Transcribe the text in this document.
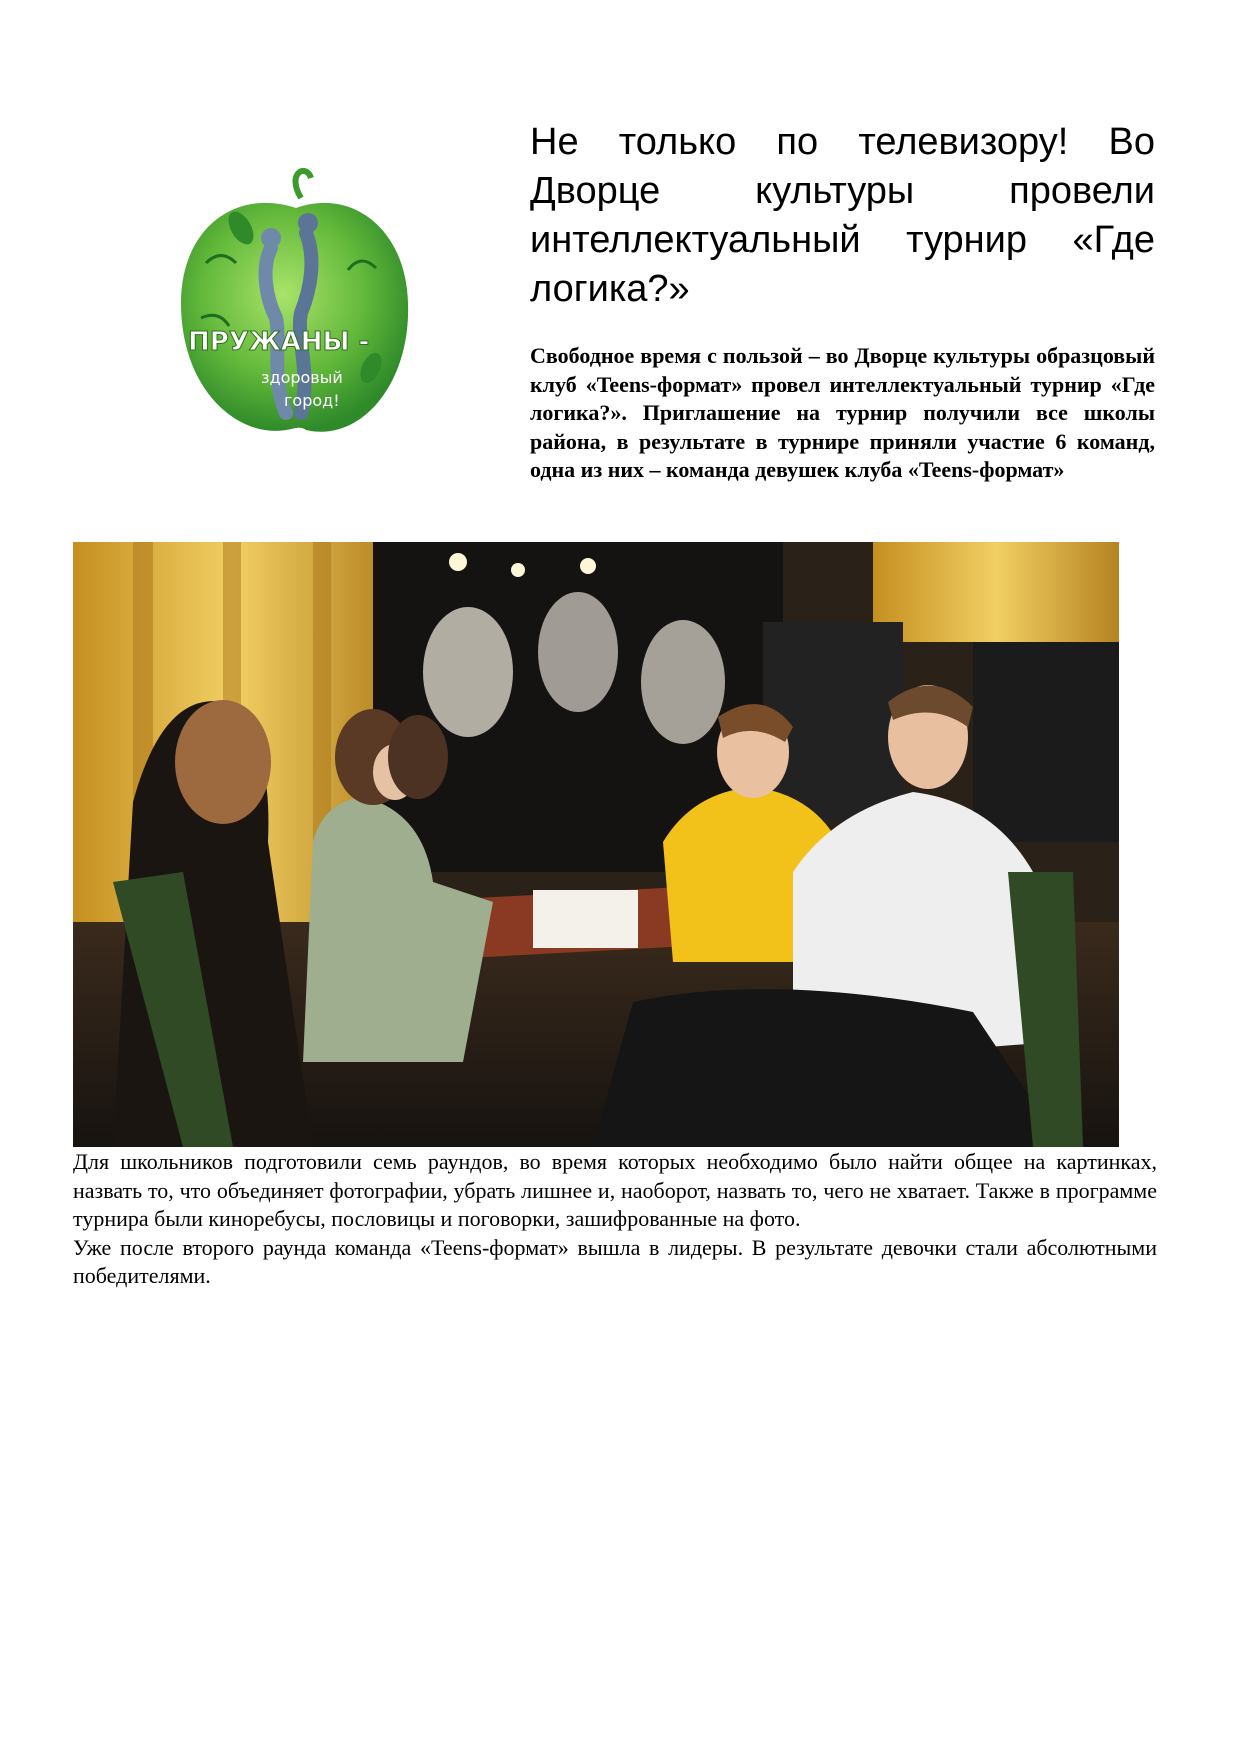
ПРУЖАНЫ -
здоровый
город!
Не только по телевизору! Во Дворце культуры провели интеллектуальный турнир «Где логика?»

Свободное время с пользой – во Дворце культуры образцовый клуб «Teens-формат» провел интеллектуальный турнир «Где логика?». Приглашение на турнир получили все школы района, в результате в турнире приняли участие 6 команд, одна из них – команда девушек клуба «Teens-формат»

Для школьников подготовили семь раундов, во время которых необходимо было найти общее на картинках, назвать то, что объединяет фотографии, убрать лишнее и, наоборот, назвать то, чего не хватает. Также в программе турнира были кинoребусы, пословицы и поговорки, зашифрованные на фото.

Уже после второго раунда команда «Teens-формат» вышла в лидеры. В результате девочки стали абсолютными победителями.
